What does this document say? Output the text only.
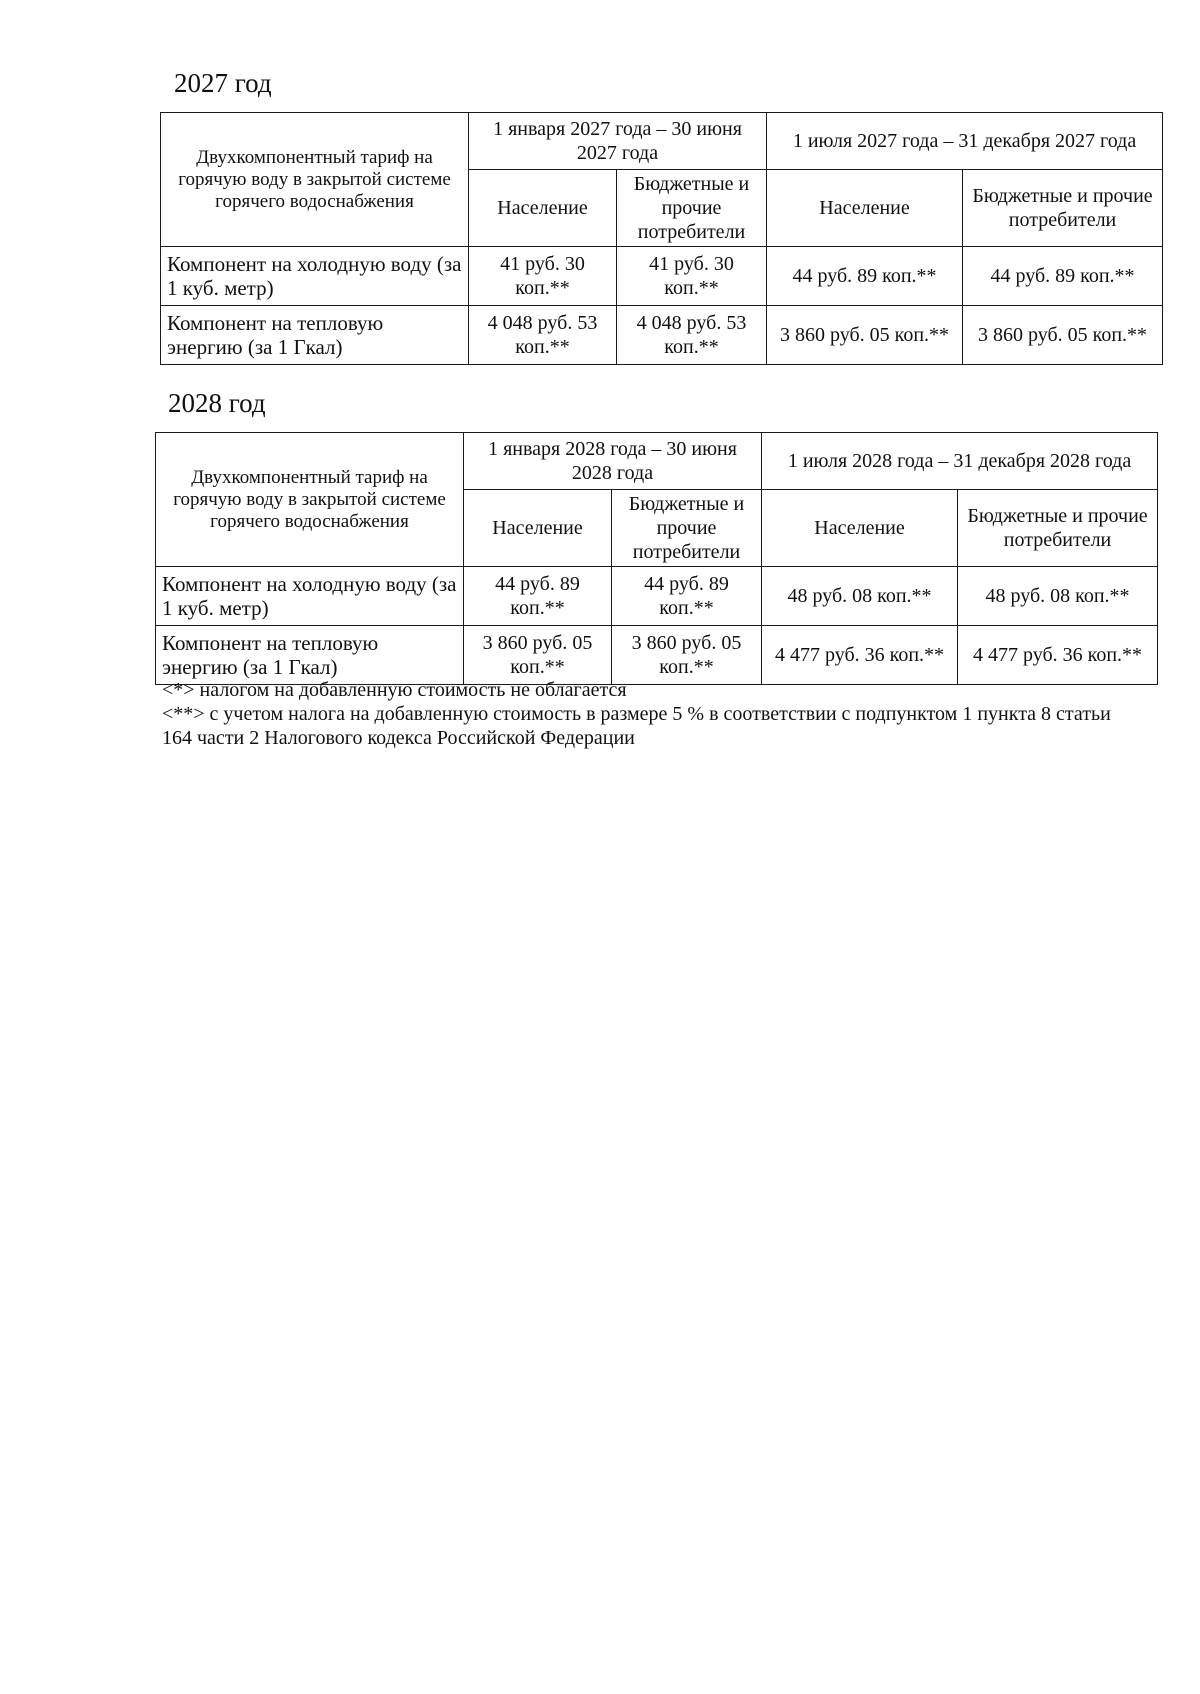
2027 год
Двухкомпонентный тариф на горячую воду в закрытой системе горячего водоснабжения	1 января 2027 года – 30 июня 2027 года		1 июля 2027 года – 31 декабря 2027 года	
	Население	Бюджетные и прочие потребители	Население	Бюджетные и прочие потребители
Компонент на холодную воду (за 1 куб. метр)	41 руб. 30 коп.**	41 руб. 30 коп.**	44 руб. 89 коп.**	44 руб. 89 коп.**
Компонент на тепловую энергию (за 1 Гкал)	4 048 руб. 53 коп.**	4 048 руб. 53 коп.**	3 860 руб. 05 коп.**	3 860 руб. 05 коп.**
2028 год
Двухкомпонентный тариф на горячую воду в закрытой системе горячего водоснабжения	1 января 2028 года – 30 июня 2028 года		1 июля 2028 года – 31 декабря 2028 года	
	Население	Бюджетные и прочие потребители	Население	Бюджетные и прочие потребители
Компонент на холодную воду (за 1 куб. метр)	44 руб. 89 коп.**	44 руб. 89 коп.**	48 руб. 08 коп.**	48 руб. 08 коп.**
Компонент на тепловую энергию (за 1 Гкал)	3 860 руб. 05 коп.**	3 860 руб. 05 коп.**	4 477 руб. 36 коп.**	4 477 руб. 36 коп.**

<*> налогом на добавленную стоимость не облагается

<**> с учетом налога на добавленную стоимость в размере 5 % в соответствии с подпунктом 1 пункта 8 статьи 164 части 2 Налогового кодекса Российской Федерации
